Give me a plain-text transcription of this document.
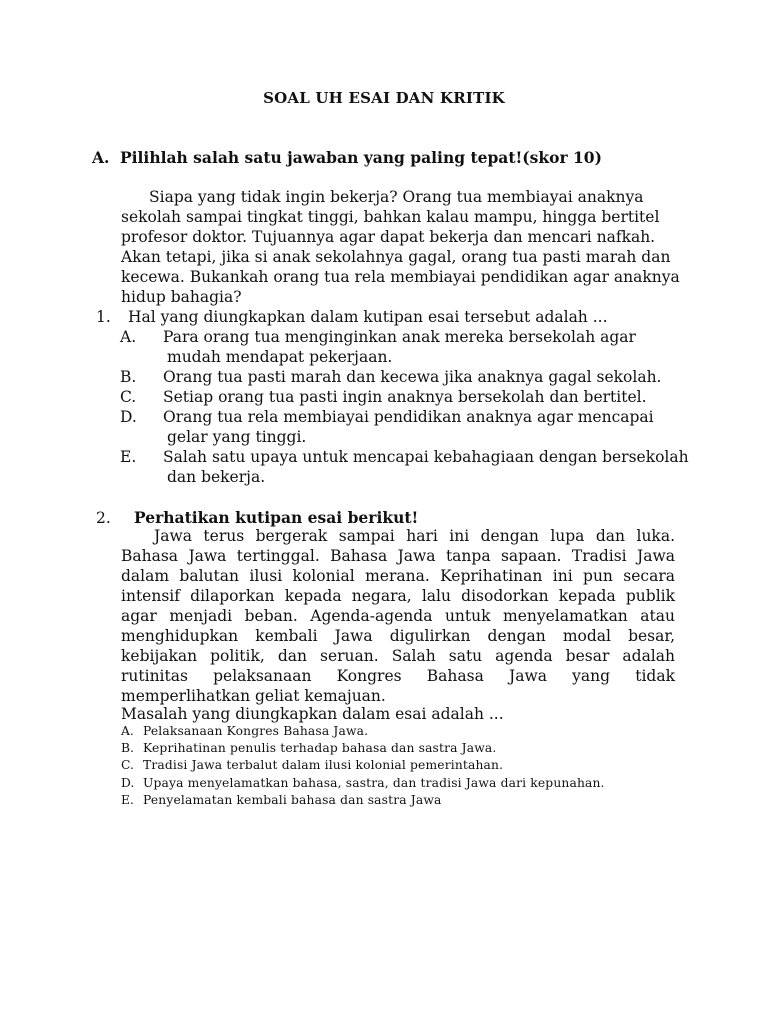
SOAL UH ESAI DAN KRITIK
A. Pilihlah salah satu jawaban yang paling tepat!(skor 10)
Siapa yang tidak ingin bekerja? Orang tua membiayai anaknya
sekolah sampai tingkat tinggi, bahkan kalau mampu, hingga bertitel
profesor doktor. Tujuannya agar dapat bekerja dan mencari nafkah.
Akan tetapi, jika si anak sekolahnya gagal, orang tua pasti marah dan
kecewa. Bukankah orang tua rela membiayai pendidikan agar anaknya
hidup bahagia?
1. Hal yang diungkapkan dalam kutipan esai tersebut adalah ...
A.	Para orang tua menginginkan anak mereka bersekolah agar
mudah mendapat pekerjaan.
B.	Orang tua pasti marah dan kecewa jika anaknya gagal sekolah.
C.	Setiap orang tua pasti ingin anaknya bersekolah dan bertitel.
D.	Orang tua rela membiayai pendidikan anaknya agar mencapai
gelar yang tinggi.
E.	Salah satu upaya untuk mencapai kebahagiaan dengan bersekolah
dan bekerja.
2. Perhatikan kutipan esai berikut!
Jawa terus bergerak sampai hari ini dengan lupa dan luka. Bahasa Jawa tertinggal. Bahasa Jawa tanpa sapaan. Tradisi Jawa dalam balutan ilusi kolonial merana. Keprihatinan ini pun secara intensif dilaporkan kepada negara, lalu disodorkan kepada publik agar menjadi beban. Agenda-agenda untuk menyelamatkan atau menghidupkan kembali Jawa digulirkan dengan modal besar, kebijakan politik, dan seruan. Salah satu agenda besar adalah rutinitas pelaksanaan Kongres Bahasa Jawa yang tidak memperlihatkan geliat kemajuan.
Masalah yang diungkapkan dalam esai adalah ...
A. Pelaksanaan Kongres Bahasa Jawa.
B. Keprihatinan penulis terhadap bahasa dan sastra Jawa.
C. Tradisi Jawa terbalut dalam ilusi kolonial pemerintahan.
D. Upaya menyelamatkan bahasa, sastra, dan tradisi Jawa dari kepunahan.
E. Penyelamatan kembali bahasa dan sastra Jawa
